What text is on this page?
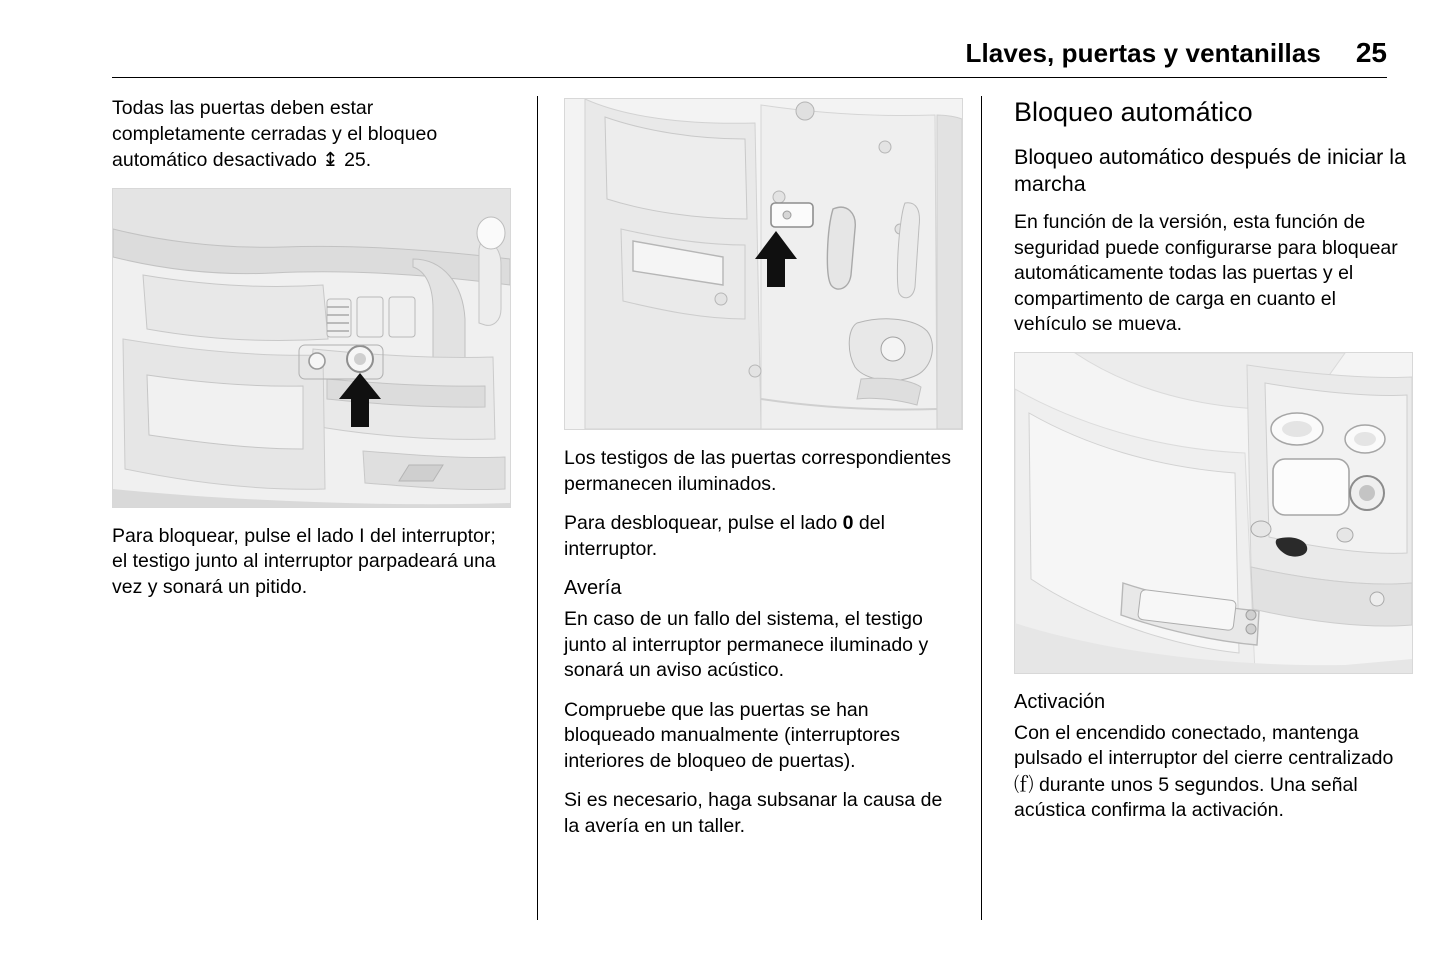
Llaves, puertas y ventanillas	25

Todas las puertas deben estar completamente cerradas y el bloqueo automático desactivado ↨ 25.

Para bloquear, pulse el lado I del interruptor; el testigo junto al interruptor parpadeará una vez y sonará un pitido.

Los testigos de las puertas correspondientes permanecen iluminados.

Para desbloquear, pulse el lado 0 del interruptor.

Avería

En caso de un fallo del sistema, el testigo junto al interruptor permanece iluminado y sonará un aviso acústico.

Compruebe que las puertas se han bloqueado manualmente (interruptores interiores de bloqueo de puertas).

Si es necesario, haga subsanar la causa de la avería en un taller.

Bloqueo automático
Bloqueo automático después de iniciar la marcha

En función de la versión, esta función de seguridad puede configurarse para bloquear automáticamente todas las puertas y el compartimento de carga en cuanto el vehículo se mueva.

Activación

Con el encendido conectado, mantenga pulsado el interruptor del cierre centralizado ⒡ durante unos 5 segundos. Una señal acústica confirma la activación.
